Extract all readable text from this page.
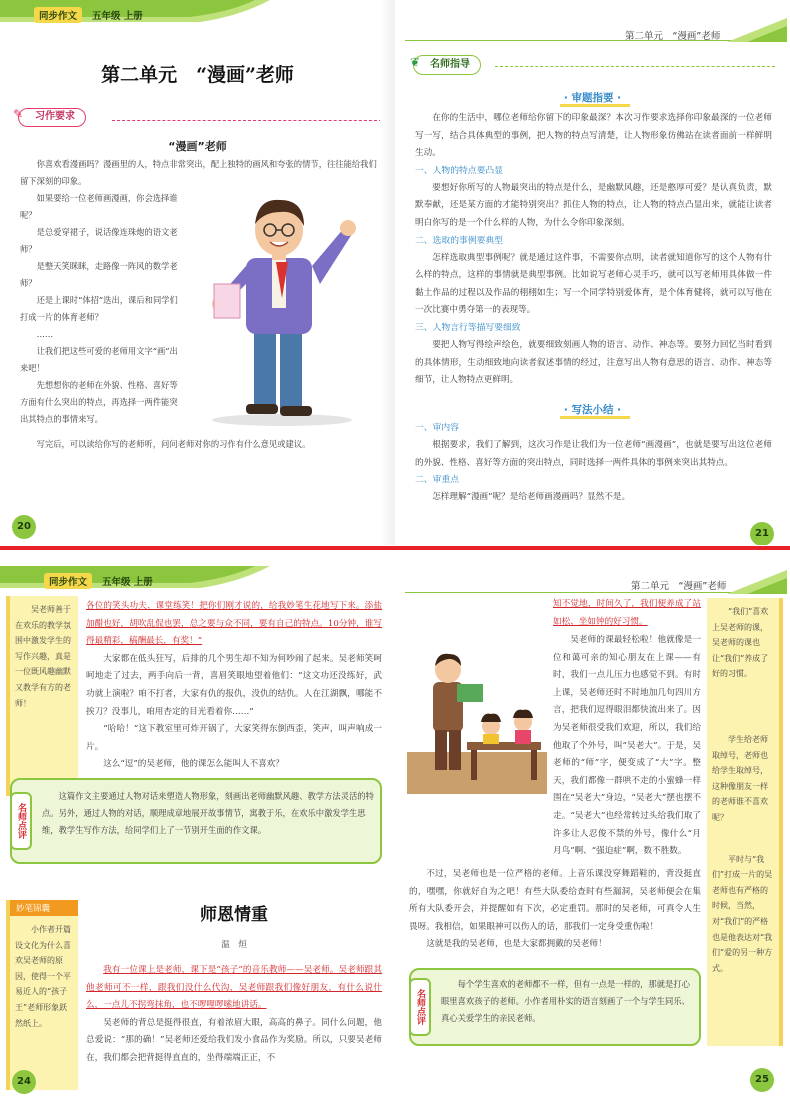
同步作文	五年级 上册
第二单元　“漫画”老师
✎ 习作要求
“漫画”老师
你喜欢看漫画吗？漫画里的人，特点非常突出，配上独特的画风和夸张的情节，往往能给我们留下深刻的印象。

如果要给一位老师画漫画，你会选择谁呢？

是总爱穿裙子，说话像连珠炮的语文老师？

是整天笑眯眯，走路像一阵风的数学老师？

还是上课时“体招”迭出，课后和同学们打成一片的体育老师？

……

让我们把这些可爱的老师用文字“画”出来吧！

先想想你的老师在外貌、性格、喜好等方面有什么突出的特点，再选择一两件能突出其特点的事情来写。

写完后，可以读给你写的老师听，问问老师对你的习作有什么意见或建议。
20
第二单元　“漫画”老师
❦ 名师指导
· 审题指要 ·

在你的生活中，哪位老师给你留下的印象最深？本次习作要求选择你印象最深的一位老师写一写，结合具体典型的事例，把人物的特点写清楚，让人物形象仿佛站在读者面前一样鲜明生动。

一、人物的特点要凸显

要想好你所写的人物最突出的特点是什么，是幽默风趣，还是憨厚可爱？是认真负责，默默奉献，还是某方面的才能特别突出？抓住人物的特点，让人物的特点凸显出来，就能让读者明白你写的是一个什么样的人物，为什么令你印象深刻。

二、选取的事例要典型

怎样选取典型事例呢？就是通过这件事，不需要你点明，读者就知道你写的这个人物有什么样的特点，这样的事情就是典型事例。比如说写老师心灵手巧，就可以写老师用具体做一件黏土作品的过程以及作品的栩栩如生；写一个同学特别爱体育，是个体育健将，就可以写他在一次比赛中勇夺第一的表现等。

三、人物言行等描写要细致

要把人物写得绘声绘色，就要细致刻画人物的语言、动作、神态等。要努力回忆当时看到的具体情形，生动细致地向读者叙述事情的经过，注意写出人物有意思的语言、动作、神态等细节，让人物特点更鲜明。

· 写法小结 ·

一、审内容

根据要求，我们了解到，这次习作是让我们为一位老师“画漫画”，也就是要写出这位老师的外貌、性格、喜好等方面的突出特点，同时选择一两件具体的事例来突出其特点。

二、审重点

怎样理解“漫画”呢？是给老师画漫画吗？显然不是。

21
同步作文	五年级 上册
吴老师善于在欢乐的教学氛围中激发学生的写作兴趣，真是一位既风趣幽默又教学有方的老师！

各位的笑头功夫、课堂练笑！把你们刚才说的，给我妙笔生花地写下来。添盐加醋也好，胡吹乱侃也罢，总之要与众不同，要有自己的特点。10分钟，谁写得最精彩，稿酬最长，有奖！”

大家都在低头狂写，后排的几个男生却不知为何吵闹了起来。吴老师笑呵呵地走了过去，两手向后一背，喜眉笑眼地望着他们：“这文功还没练好，武功就上演啦？咱不打者，大家有仇的报仇，没仇的结仇。人在江湖飘，哪能不挨刀？没事儿，咱用杏定的目光看着你……”

“哈哈！”这下教室里可炸开锅了，大家笑得东倒西歪，笑声，叫声响成一片。

这么“逗”的吴老师，他的课怎么能叫人不喜欢？

名师点评
这篇作文主要通过人物对话来塑造人物形象，刻画出老师幽默风趣、教学方法灵活的特点。另外，通过人物的对话，顺理成章地展开故事情节，寓教于乐，在欢乐中激发学生思维，教学生写作方法，给同学们上了一节别开生面的作文课。
妙笔锦囊
小作者开篇设文化为什么喜欢吴老师的原因，使得一个平易近人的“孩子王”老师形象跃然纸上。
师恩情重
温　烜

我有一位课上是老师，课下是“孩子”的音乐教师——吴老师。吴老师跟其他老师可不一样，跟我们没什么代沟，吴老师跟我们像好朋友，有什么说什么，一点儿不拐弯抹角，也不啰哩啰嗦地讲话。

吴老师的背总是挺得很直，有着浓眉大眼，高高的鼻子。同什么问题，他总爱说：“那的确！”吴老师还爱给我们发小食品作为奖励。所以，只要吴老师在，我们都会把背挺得直直的，坐得端端正正，不

24
第二单元　“漫画”老师

知不觉地，时间久了，我们便养成了站如松、坐如钟的好习惯。

吴老师的课最轻松啦！他就像是一位和蔼可亲的知心朋友在上课——有时，我们一点儿压力也感觉不到。有时上课，吴老师还时不时地加几句四川方言，把我们逗得眼泪都快流出来了。因为吴老师很受我们欢迎，所以，我们给他取了个外号，叫“吴老大”。于是，吴老师的“师”字，便变成了“大”字。整天，我们都像一群哄不走的小蜜蜂一样围在“吴老大”身边，“吴老大”摆也摆不走。“吴老大”也经常转过头给我们取了许多让人忍俊不禁的外号，像什么“月月鸟”啊、“强迫症”啊，数不胜数。

不过，吴老师也是一位严格的老师。上音乐课没穿舞蹈鞋的，背没挺直的，嘿嘿，你就好自为之吧！有些大队委给查时有些漏洞，吴老师便会在集所有大队委开会，并提醒如有下次，必定重罚。那时的吴老师，可真令人生畏呀。我相信，如果眼神可以伤人的话，那我们一定身受重伤啦！

这就是我的吴老师，也是大家都拥戴的吴老师！

“我们”喜欢上吴老师的课，吴老师的课也让“我们”养成了好的习惯。

学生给老师取绰号，老师也给学生取绰号，这种像朋友一样的老师谁不喜欢呢？

平时与“我们”打成一片的吴老师也有严格的时候，当然，对“我们”的严格也是他表达对“我们”爱的另一种方式。

名师点评
每个学生喜欢的老师都不一样，但有一点是一样的，那就是打心眼里喜欢孩子的老师。小作者用朴实的语言刻画了一个与学生同乐、真心关爱学生的亲民老师。
25
